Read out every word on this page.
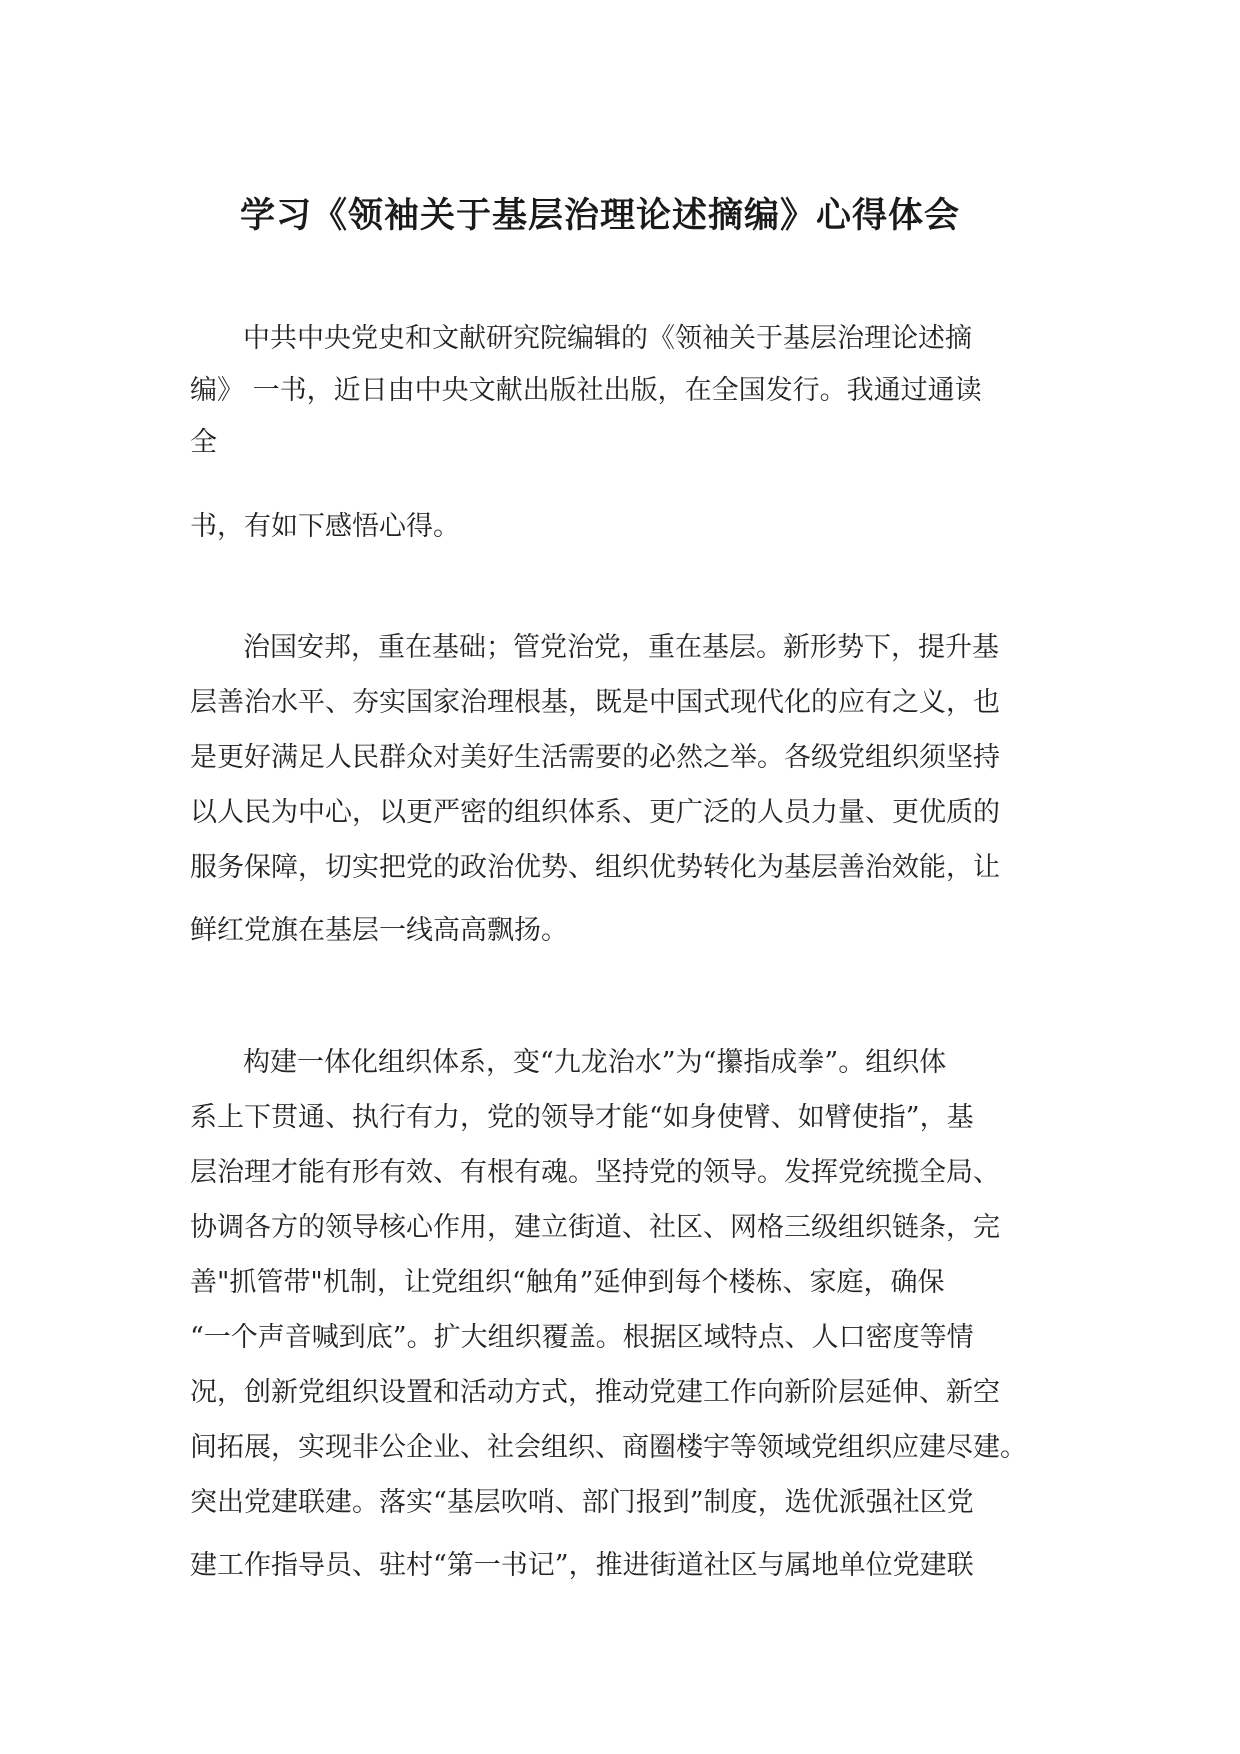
学习《领袖关于基层治理论述摘编》心得体会
中共中央党史和文献研究院编辑的《领袖关于基层治理论述摘
编》 一书，近日由中央文献出版社出版，在全国发行。我通过通读
全
书，有如下感悟心得。
治国安邦，重在基础；管党治党，重在基层。新形势下，提升基
层善治水平、夯实国家治理根基，既是中国式现代化的应有之义，也
是更好满足人民群众对美好生活需要的必然之举。各级党组织须坚持
以人民为中心，以更严密的组织体系、更广泛的人员力量、更优质的
服务保障，切实把党的政治优势、组织优势转化为基层善治效能，让
鲜红党旗在基层一线高高飘扬。
构建一体化组织体系，变“九龙治水”为“攥指成拳”。组织体
系上下贯通、执行有力，党的领导才能“如身使臂、如臂使指”，基
层治理才能有形有效、有根有魂。坚持党的领导。发挥党统揽全局、
协调各方的领导核心作用，建立街道、社区、网格三级组织链条，完
善"抓管带"机制，让党组织“触角”延伸到每个楼栋、家庭，确保
“一个声音喊到底”。扩大组织覆盖。根据区域特点、人口密度等情
况，创新党组织设置和活动方式，推动党建工作向新阶层延伸、新空
间拓展，实现非公企业、社会组织、商圈楼宇等领域党组织应建尽建。
突出党建联建。落实“基层吹哨、部门报到”制度，选优派强社区党
建工作指导员、驻村“第一书记”，推进街道社区与属地单位党建联
